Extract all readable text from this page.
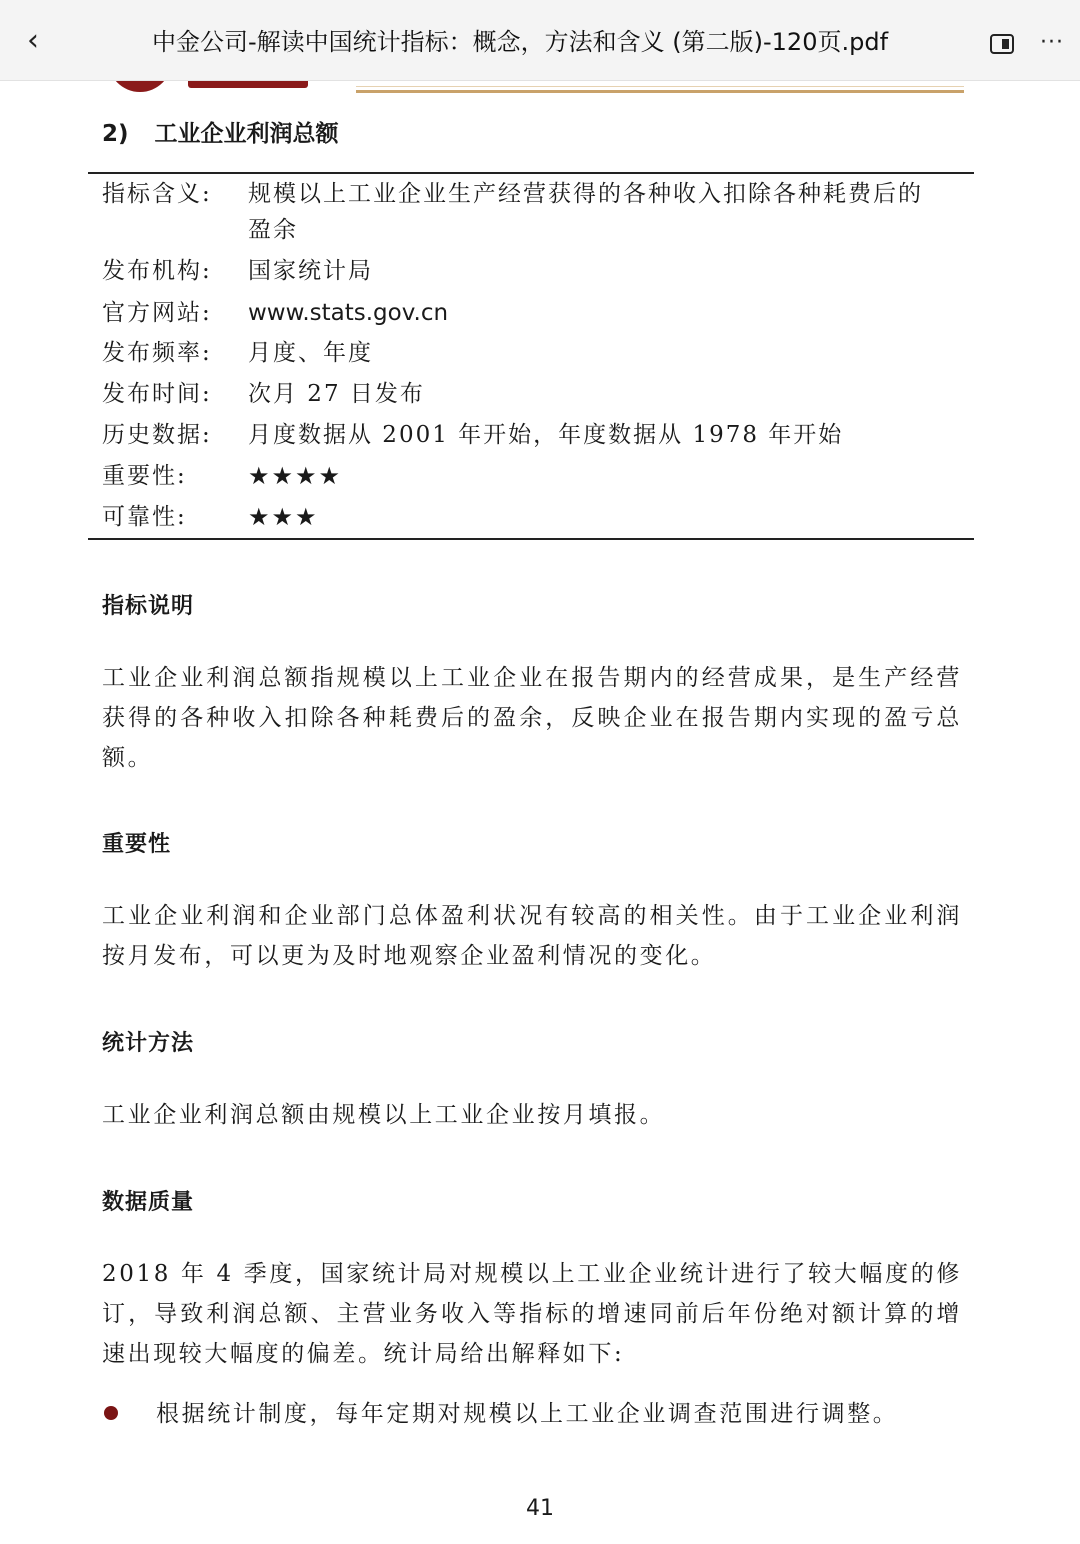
‹	中金公司-解读中国统计指标：概念，方法和含义 (第二版)-120页.pdf	···
2) 工业企业利润总额
指标含义:	规模以上工业企业生产经营获得的各种收入扣除各种耗费后的
盈余
发布机构:	国家统计局
官方网站:	www.stats.gov.cn
发布频率:	月度、年度
发布时间:	次月 27 日发布
历史数据:	月度数据从 2001 年开始，年度数据从 1978 年开始
重要性:	★★★★
可靠性:	★★★
指标说明
工业企业利润总额指规模以上工业企业在报告期内的经营成果，是生产经营获得的各种收入扣除各种耗费后的盈余，反映企业在报告期内实现的盈亏总额。
重要性
工业企业利润和企业部门总体盈利状况有较高的相关性。由于工业企业利润按月发布，可以更为及时地观察企业盈利情况的变化。
统计方法
工业企业利润总额由规模以上工业企业按月填报。
数据质量
2018 年 4 季度，国家统计局对规模以上工业企业统计进行了较大幅度的修订，导致利润总额、主营业务收入等指标的增速同前后年份绝对额计算的增速出现较大幅度的偏差。统计局给出解释如下:
根据统计制度，每年定期对规模以上工业企业调查范围进行调整。
41
